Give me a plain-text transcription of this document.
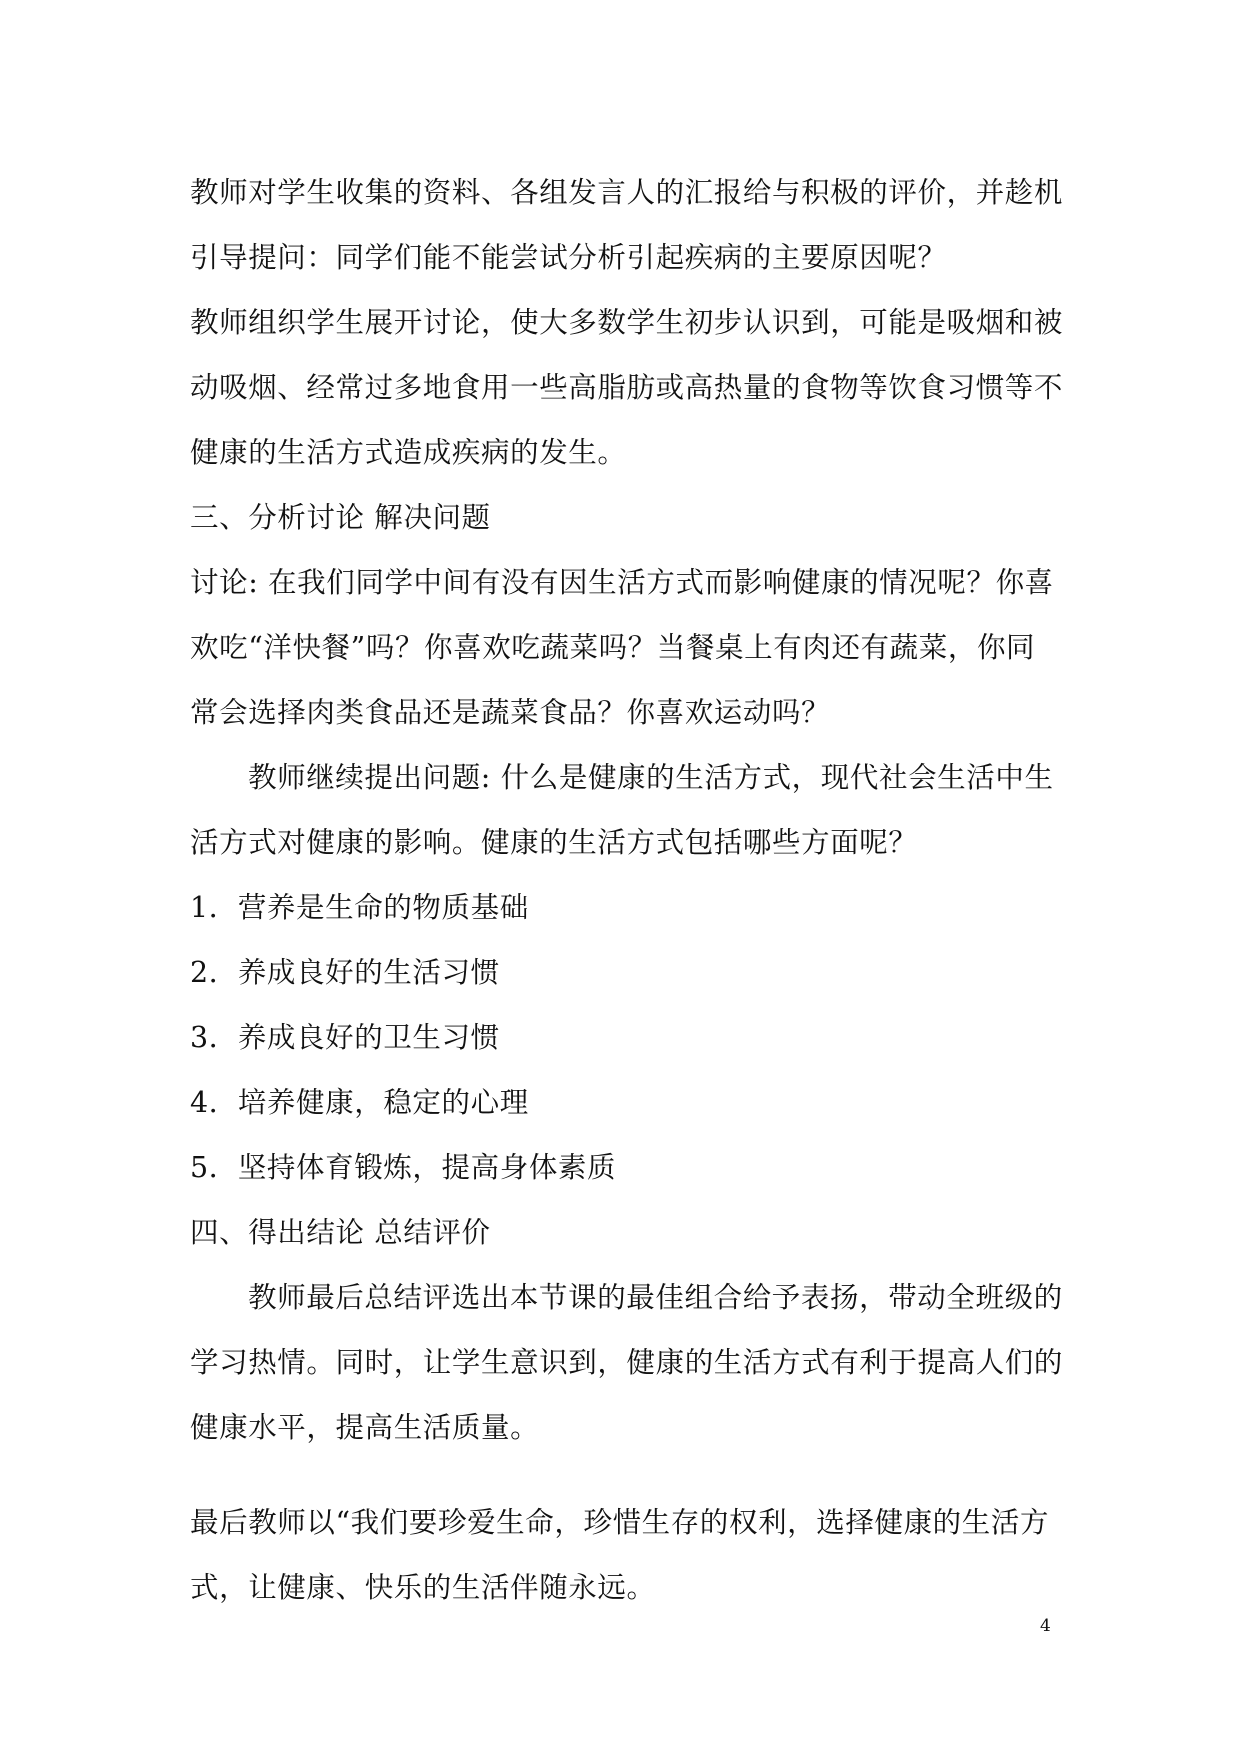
教师对学生收集的资料、各组发言人的汇报给与积极的评价，并趁机
引导提问：同学们能不能尝试分析引起疾病的主要原因呢？
教师组织学生展开讨论，使大多数学生初步认识到，可能是吸烟和被
动吸烟、经常过多地食用一些高脂肪或高热量的食物等饮食习惯等不
健康的生活方式造成疾病的发生。
三、分析讨论 解决问题
讨论: 在我们同学中间有没有因生活方式而影响健康的情况呢？你喜
欢吃“洋快餐”吗？你喜欢吃蔬菜吗？当餐桌上有肉还有蔬菜，你同
常会选择肉类食品还是蔬菜食品？你喜欢运动吗？
教师继续提出问题: 什么是健康的生活方式，现代社会生活中生
活方式对健康的影响。健康的生活方式包括哪些方面呢？
1．营养是生命的物质基础
2．养成良好的生活习惯
3．养成良好的卫生习惯
4．培养健康，稳定的心理
5．坚持体育锻炼，提高身体素质
四、得出结论 总结评价
教师最后总结评选出本节课的最佳组合给予表扬，带动全班级的
学习热情。同时，让学生意识到，健康的生活方式有利于提高人们的
健康水平，提高生活质量。
最后教师以“我们要珍爱生命，珍惜生存的权利，选择健康的生活方
式，让健康、快乐的生活伴随永远。
4
